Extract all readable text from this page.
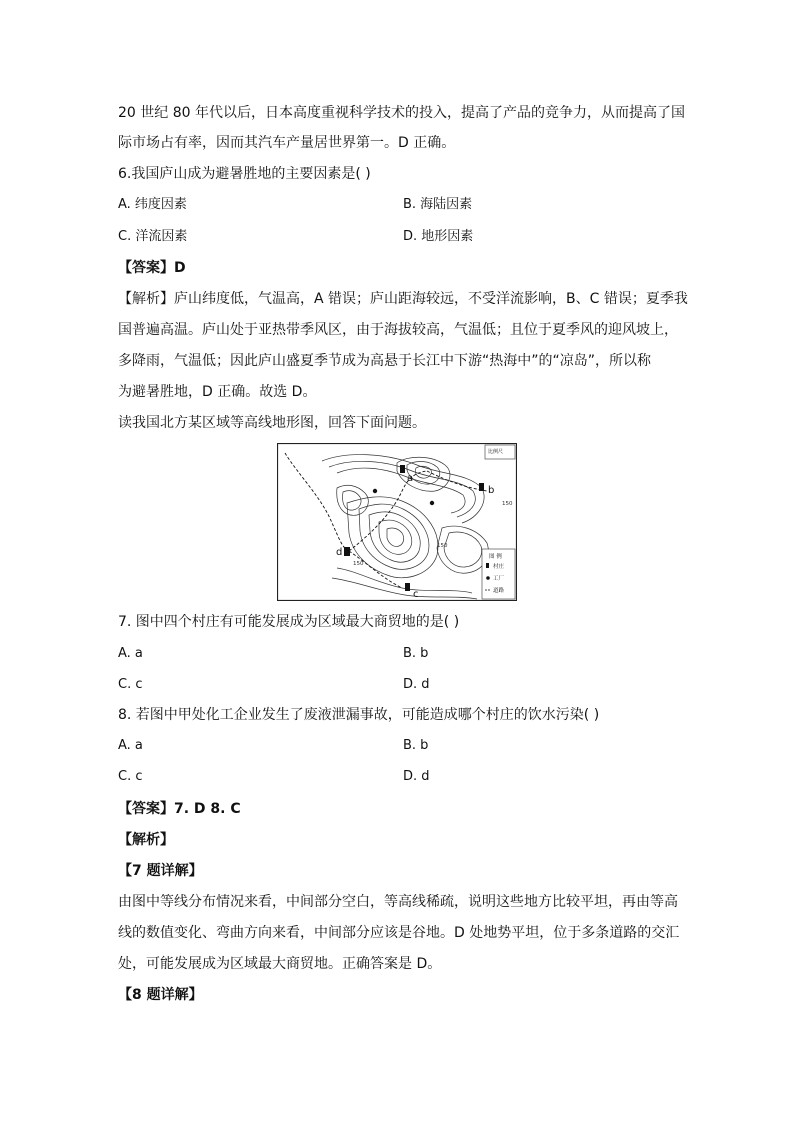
20 世纪 80 年代以后，日本高度重视科学技术的投入，提高了产品的竞争力，从而提高了国
际市场占有率，因而其汽车产量居世界第一。D 正确。
6.我国庐山成为避暑胜地的主要因素是( )
A. 纬度因素	B. 海陆因素
C. 洋流因素	D. 地形因素
【答案】D
【解析】庐山纬度低，气温高，A 错误；庐山距海较远，不受洋流影响，B、C 错误；夏季我
国普遍高温。庐山处于亚热带季风区，由于海拔较高，气温低；且位于夏季风的迎风坡上，
多降雨，气温低；因此庐山盛夏季节成为高悬于长江中下游“热海中”的“凉岛”，所以称
为避暑胜地，D 正确。故选 D。
读我国北方某区域等高线地形图，回答下面问题。
a
b
c
d
150
150
150
比例尺
图 例
村庄
工厂
道路
7. 图中四个村庄有可能发展成为区域最大商贸地的是( )
A. a	B. b
C. c	D. d
8. 若图中甲处化工企业发生了废液泄漏事故，可能造成哪个村庄的饮水污染( )
A. a	B. b
C. c	D. d
【答案】7. D 8. C
【解析】
【7 题详解】
由图中等线分布情况来看，中间部分空白，等高线稀疏，说明这些地方比较平坦，再由等高
线的数值变化、弯曲方向来看，中间部分应该是谷地。D 处地势平坦，位于多条道路的交汇
处，可能发展成为区域最大商贸地。正确答案是 D。
【8 题详解】
